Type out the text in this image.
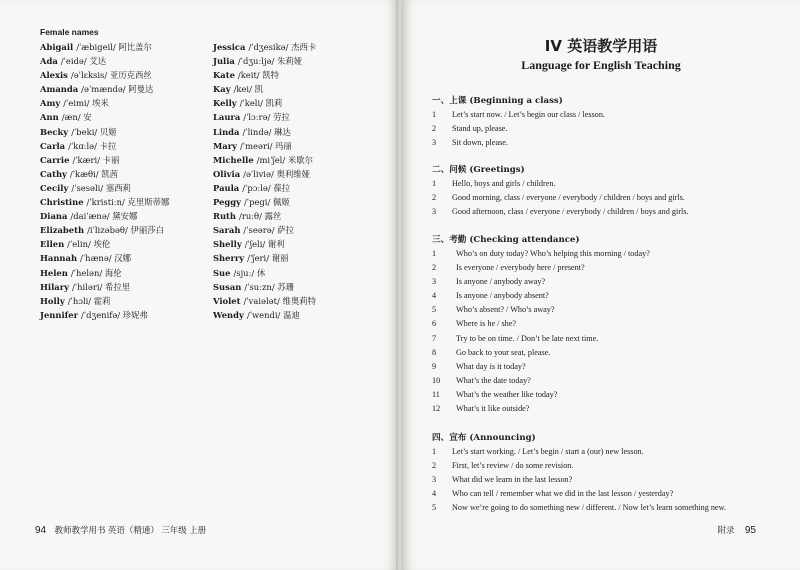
Female names
Abigail /ˈæbigeil/ 阿比盖尔
Ada /ˈeidə/ 艾达
Alexis /əˈlɛksis/ 亚历克西丝
Amanda /əˈmændə/ 阿曼达
Amy /ˈeimi/ 埃米
Ann /æn/ 安
Becky /ˈbeki/ 贝姬
Carla /ˈkɑːlə/ 卡拉
Carrie /ˈkæri/ 卡丽
Cathy /ˈkæθi/ 凯茜
Cecily /ˈsesəli/ 塞西莉
Christine /ˈkristiːn/ 克里斯蒂娜
Diana /daiˈænə/ 黛安娜
Elizabeth /iˈlizəbəθ/ 伊丽莎白
Ellen /ˈelin/ 埃伦
Hannah /ˈhænə/ 汉娜
Helen /ˈhelən/ 海伦
Hilary /ˈhiləri/ 希拉里
Holly /ˈhɔli/ 霍莉
Jennifer /ˈdʒenifə/ 珍妮弗
Jessica /ˈdʒesikə/ 杰西卡
Julia /ˈdʒuːljə/ 朱莉娅
Kate /keit/ 凯特
Kay /kei/ 凯
Kelly /ˈkeli/ 凯莉
Laura /ˈlɔːrə/ 劳拉
Linda /ˈlində/ 琳达
Mary /ˈmeəri/ 玛丽
Michelle /miˈʃel/ 米歇尔
Olivia /əˈliviə/ 奥利维娅
Paula /ˈpɔːlə/ 葆拉
Peggy /ˈpegi/ 佩姬
Ruth /ruːθ/ 露丝
Sarah /ˈseərə/ 萨拉
Shelly /ˈʃeli/ 谢利
Sherry /ˈʃeri/ 谢丽
Sue /sjuː/ 休
Susan /ˈsuːzn/ 苏珊
Violet /ˈvaiələt/ 维奥莉特
Wendy /ˈwendi/ 温迪
94 教师教学用书 英语（精通） 三年级 上册
IV 英语教学用语
Language for English Teaching
一、上课 (Beginning a class)
1 Let’s start now. / Let’s begin our class / lesson.
2 Stand up, please.
3 Sit down, please.
二、问候 (Greetings)
1 Hello, boys and girls / children.
2 Good morning, class / everyone / everybody / children / boys and girls.
3 Good afternoon, class / everyone / everybody / children / boys and girls.
三、考勤 (Checking attendance)
1 Who’s on duty today? Who’s helping this morning / today?
2 Is everyone / everybody here / present?
3 Is anyone / anybody away?
4 Is anyone / anybody absent?
5 Who’s absent? / Who’s away?
6 Where is he / she?
7 Try to be on time. / Don’t be late next time.
8 Go back to your seat, please.
9 What day is it today?
10 What’s the date today?
11 What’s the weather like today?
12 What’s it like outside?
四、宣布 (Announcing)
1 Let’s start working. / Let’s begin / start a (our) new lesson.
2 First, let’s review / do some revision.
3 What did we learn in the last lesson?
4 Who can tell / remember what we did in the last lesson / yesterday?
5 Now we’re going to do something new / different. / Now let’s learn something new.
附录 95
